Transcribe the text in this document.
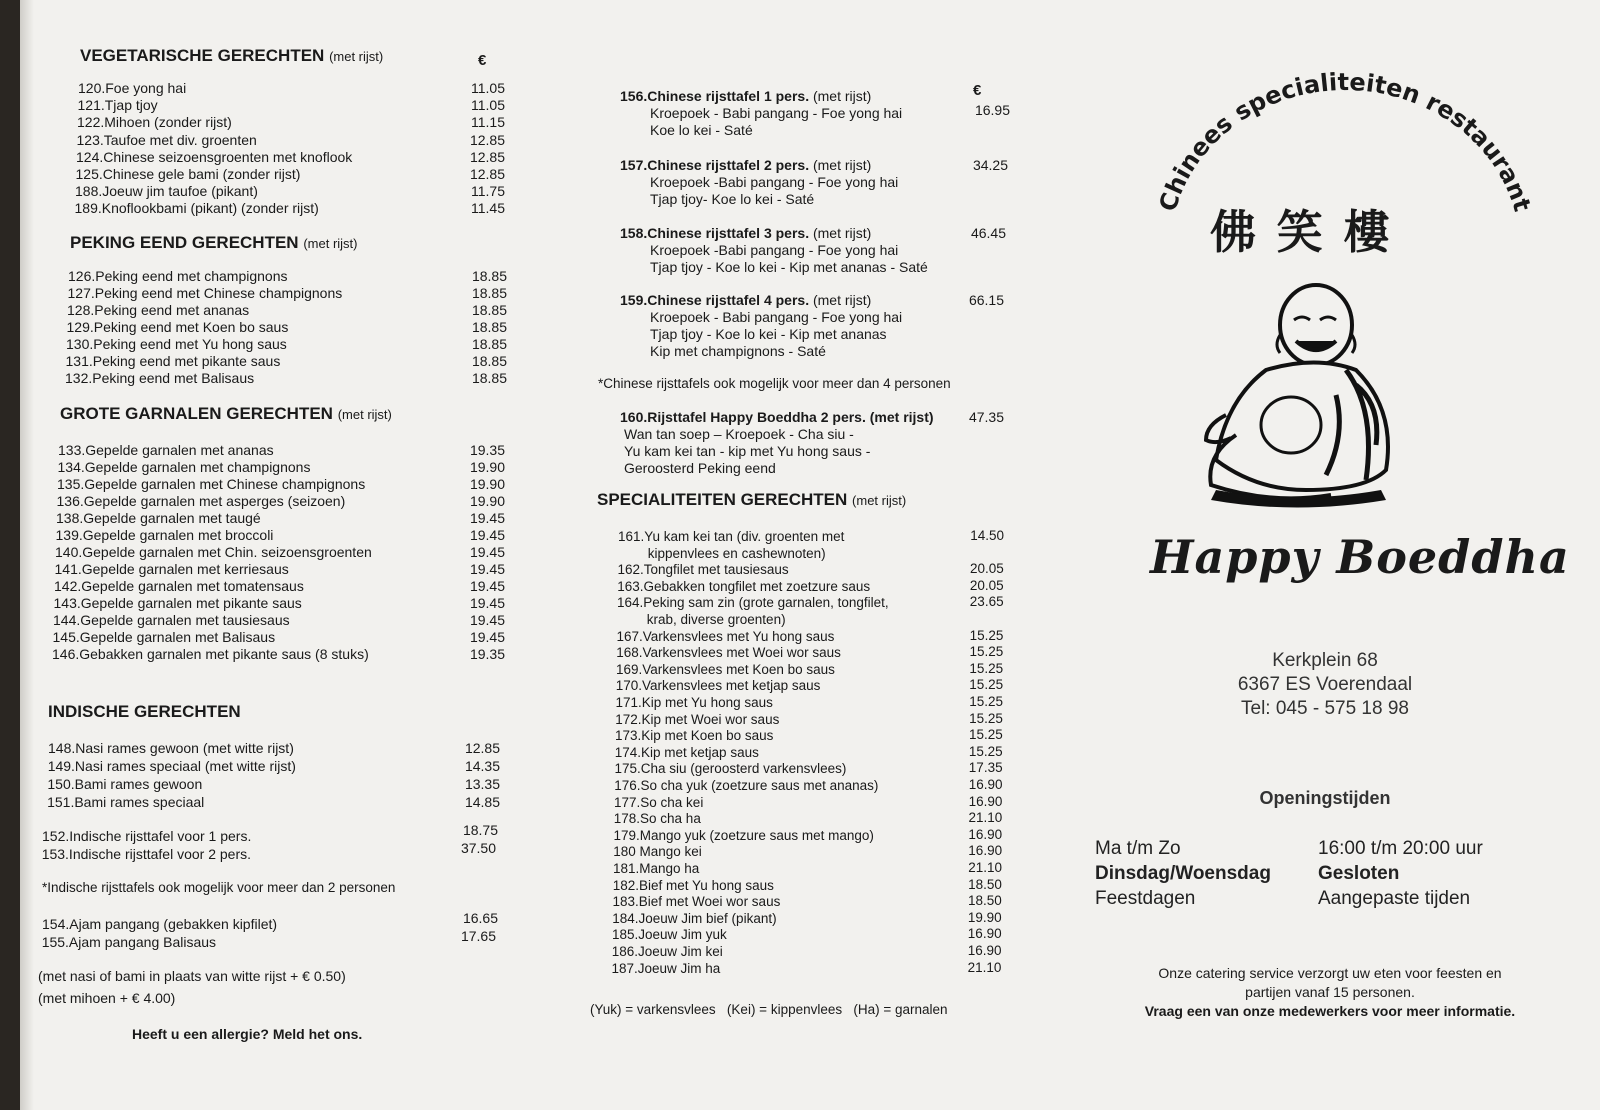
VEGETARISCHE GERECHTEN (met rijst)	€
120.Foe yong hai	11.05
121.Tjap tjoy	11.05
122.Mihoen (zonder rijst)	11.15
123.Taufoe met div. groenten	12.85
124.Chinese seizoensgroenten met knoflook	12.85
125.Chinese gele bami (zonder rijst)	12.85
188.Joeuw jim taufoe (pikant)	11.75
189.Knoflookbami (pikant) (zonder rijst)	11.45
PEKING EEND GERECHTEN (met rijst)
126.Peking eend met champignons	18.85
127.Peking eend met Chinese champignons	18.85
128.Peking eend met ananas	18.85
129.Peking eend met Koen bo saus	18.85
130.Peking eend met Yu hong saus	18.85
131.Peking eend met pikante saus	18.85
132.Peking eend met Balisaus	18.85
GROTE GARNALEN GERECHTEN (met rijst)
133.Gepelde garnalen met ananas	19.35
134.Gepelde garnalen met champignons	19.90
135.Gepelde garnalen met Chinese champignons	19.90
136.Gepelde garnalen met asperges (seizoen)	19.90
138.Gepelde garnalen met taugé	19.45
139.Gepelde garnalen met broccoli	19.45
140.Gepelde garnalen met Chin. seizoensgroenten	19.45
141.Gepelde garnalen met kerriesaus	19.45
142.Gepelde garnalen met tomatensaus	19.45
143.Gepelde garnalen met pikante saus	19.45
144.Gepelde garnalen met tausiesaus	19.45
145.Gepelde garnalen met Balisaus	19.45
146.Gebakken garnalen met pikante saus (8 stuks)	19.35
INDISCHE GERECHTEN
148.Nasi rames gewoon (met witte rijst)	12.85
149.Nasi rames speciaal (met witte rijst)	14.35
150.Bami rames gewoon	13.35
151.Bami rames speciaal	14.85
152.Indische rijsttafel voor 1 pers.	18.75
153.Indische rijsttafel voor 2 pers.	37.50
154.Ajam pangang (gebakken kipfilet)	16.65
155.Ajam pangang Balisaus	17.65
*Indische rijsttafels ook mogelijk voor meer dan 2 personen
(met nasi of bami in plaats van witte rijst + € 0.50)
(met mihoen + € 4.00)
Heeft u een allergie? Meld het ons.
€
156.Chinese rijsttafel 1 pers. (met rijst)
Kroepoek - Babi pangang - Foe yong hai
Koe lo kei - Saté
16.95
157.Chinese rijsttafel 2 pers. (met rijst)
Kroepoek -Babi pangang - Foe yong hai
Tjap tjoy- Koe lo kei - Saté
34.25
158.Chinese rijsttafel 3 pers. (met rijst)
Kroepoek -Babi pangang - Foe yong hai
Tjap tjoy - Koe lo kei - Kip met ananas - Saté
46.45
159.Chinese rijsttafel 4 pers. (met rijst)
Kroepoek - Babi pangang - Foe yong hai
Tjap tjoy - Koe lo kei - Kip met ananas
Kip met champignons - Saté
66.15
*Chinese rijsttafels ook mogelijk voor meer dan 4 personen
160.Rijsttafel Happy Boeddha 2 pers. (met rijst)
Wan tan soep – Kroepoek - Cha siu -
Yu kam kei tan - kip met Yu hong saus -
Geroosterd Peking eend
47.35
SPECIALITEITEN GERECHTEN (met rijst)
161.Yu kam kei tan (div. groenten met	14.50
kippenvlees en cashewnoten)
162.Tongfilet met tausiesaus	20.05
163.Gebakken tongfilet met zoetzure saus	20.05
164.Peking sam zin (grote garnalen, tongfilet,	23.65
krab, diverse groenten)
167.Varkensvlees met Yu hong saus	15.25
168.Varkensvlees met Woei wor saus	15.25
169.Varkensvlees met Koen bo saus	15.25
170.Varkensvlees met ketjap saus	15.25
171.Kip met Yu hong saus	15.25
172.Kip met Woei wor saus	15.25
173.Kip met Koen bo saus	15.25
174.Kip met ketjap saus	15.25
175.Cha siu (geroosterd varkensvlees)	17.35
176.So cha yuk (zoetzure saus met ananas)	16.90
177.So cha kei	16.90
178.So cha ha	21.10
179.Mango yuk (zoetzure saus met mango)	16.90
180 Mango kei	16.90
181.Mango ha	21.10
182.Bief met Yu hong saus	18.50
183.Bief met Woei wor saus	18.50
184.Joeuw Jim bief (pikant)	19.90
185.Joeuw Jim yuk	16.90
186.Joeuw Jim kei	16.90
187.Joeuw Jim ha	21.10
(Yuk) = varkensvlees   (Kei) = kippenvlees   (Ha) = garnalen
Chinees specialiteiten restaurant
佛 笑 樓
Happy Boeddha
Kerkplein 68
6367 ES Voerendaal
Tel: 045 - 575 18 98
Openingstijden
Ma t/m Zo	16:00 t/m 20:00 uur
Dinsdag/Woensdag Gesloten
Feestdagen	Aangepaste tijden
Onze catering service verzorgt uw eten voor feesten en
partijen vanaf 15 personen.
Vraag een van onze medewerkers voor meer informatie.
